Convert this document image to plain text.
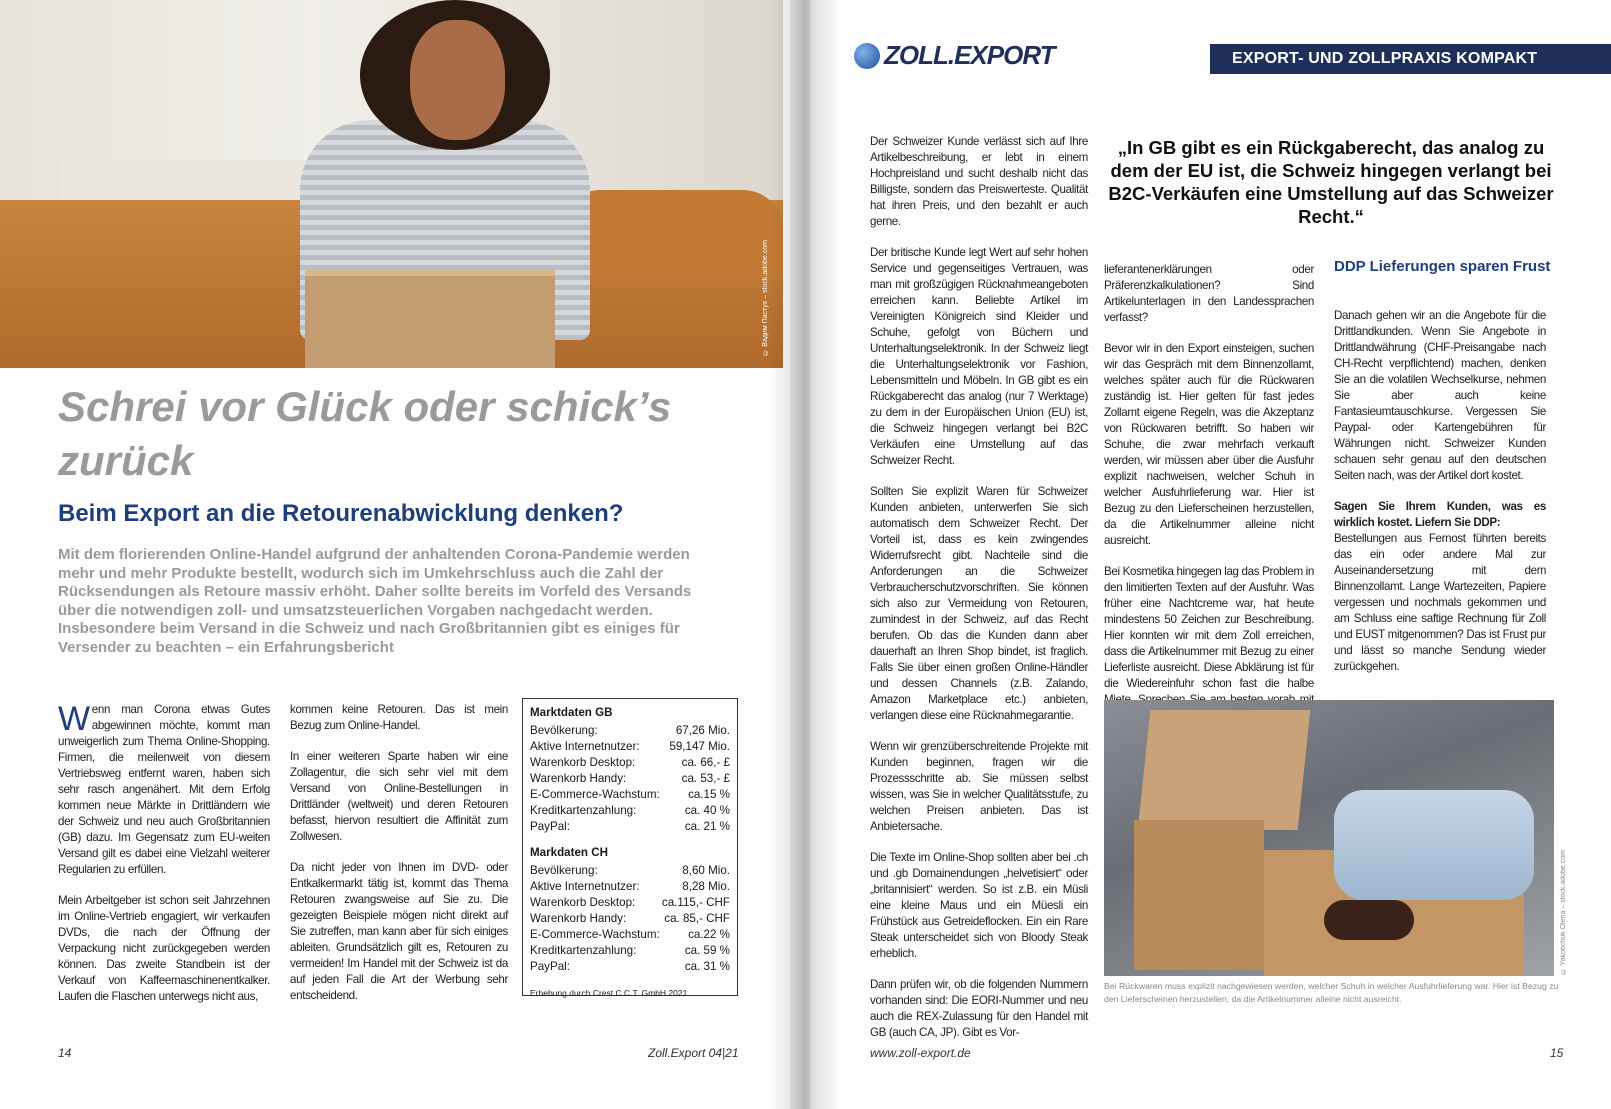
© Вадим Пастух – stock.adobe.com
Schrei vor Glück oder schick’s zurück
Beim Export an die Retourenabwicklung denken?

Mit dem florierenden Online-Handel aufgrund der anhaltenden Corona-Pandemie werden mehr und mehr Produkte bestellt, wodurch sich im Umkehrschluss auch die Zahl der Rücksendungen als Retoure massiv erhöht. Daher sollte bereits im Vorfeld des Versands über die notwendigen zoll- und umsatzsteuerlichen Vorgaben nachgedacht werden. Insbesondere beim Versand in die Schweiz und nach Großbritannien gibt es einiges für Versender zu beachten – ein Erfahrungsbericht

Wenn man Corona etwas Gutes abgewinnen möchte, kommt man unweigerlich zum Thema Online-Shopping. Firmen, die meilenweit von diesem Vertriebsweg entfernt waren, haben sich sehr rasch angenähert. Mit dem Erfolg kommen neue Märkte in Drittländern wie der Schweiz und neu auch Großbritannien (GB) dazu. Im Gegensatz zum EU-weiten Versand gilt es dabei eine Vielzahl weiterer Regularien zu erfüllen.

Mein Arbeitgeber ist schon seit Jahrzehnen im Online-Vertrieb engagiert, wir verkaufen DVDs, die nach der Öffnung der Verpackung nicht zurückgegeben werden können. Das zweite Standbein ist der Verkauf von Kaffeemaschinenentkalker. Laufen die Flaschen unterwegs nicht aus,

kommen keine Retouren. Das ist mein Bezug zum Online-Handel.

In einer weiteren Sparte haben wir eine Zollagentur, die sich sehr viel mit dem Versand von Online-Bestellungen in Drittländer (weltweit) und deren Retouren befasst, hiervon resultiert die Affinität zum Zollwesen.

Da nicht jeder von Ihnen im DVD- oder Entkalkermarkt tätig ist, kommt das Thema Retouren zwangsweise auf Sie zu. Die gezeigten Beispiele mögen nicht direkt auf Sie zutreffen, man kann aber für sich einiges ableiten. Grundsätzlich gilt es, Retouren zu vermeiden! Im Handel mit der Schweiz ist da auf jeden Fall die Art der Werbung sehr entscheidend.

Marktdaten GB
Bevölkerung:	67,26 Mio.
Aktive Internetnutzer:	59,147 Mio.
Warenkorb Desktop:	ca. 66,- £
Warenkorb Handy:	ca. 53,- £
E-Commerce-Wachstum: ca.15 %
Kreditkartenzahlung:	ca. 40 %
PayPal:	ca. 21 %
Markdaten CH
Bevölkerung:	8,60 Mio.
Aktive Internetnutzer:	8,28 Mio.
Warenkorb Desktop: ca.115,- CHF
Warenkorb Handy:	ca. 85,- CHF
E-Commerce-Wachstum: ca.22 %
Kreditkartenzahlung:	ca. 59 %
PayPal:	ca. 31 %
Erhebung durch Crest C.C.T. GmbH 2021
14	Zoll.Export 04|21
ZOLL.EXPORT	EXPORT- UND ZOLLPRAXIS KOMPAKT

Der Schweizer Kunde verlässt sich auf Ihre Artikelbeschreibung, er lebt in einem Hochpreisland und sucht deshalb nicht das Billigste, sondern das Preiswerteste. Qualität hat ihren Preis, und den bezahlt er auch gerne.

Der britische Kunde legt Wert auf sehr hohen Service und gegenseitiges Vertrauen, was man mit großzügigen Rücknahmeangeboten erreichen kann. Beliebte Artikel im Vereinigten Königreich sind Kleider und Schuhe, gefolgt von Büchern und Unterhaltungselektronik. In der Schweiz liegt die Unterhaltungselektronik vor Fashion, Lebensmitteln und Möbeln. In GB gibt es ein Rückgaberecht das analog (nur 7 Werktage) zu dem in der Europäischen Union (EU) ist, die Schweiz hingegen verlangt bei B2C Verkäufen eine Umstellung auf das Schweizer Recht.

Sollten Sie explizit Waren für Schweizer Kunden anbieten, unterwerfen Sie sich automatisch dem Schweizer Recht. Der Vorteil ist, dass es kein zwingendes Widerrufsrecht gibt. Nachteile sind die Anforderungen an die Schweizer Verbraucherschutzvorschriften. Sie können sich also zur Vermeidung von Retouren, zumindest in der Schweiz, auf das Recht berufen. Ob das die Kunden dann aber dauerhaft an Ihren Shop bindet, ist fraglich. Falls Sie über einen großen Online-Händler und dessen Channels (z.B. Zalando, Amazon Marketplace etc.) anbieten, verlangen diese eine Rücknahmegarantie.

Wenn wir grenzüberschreitende Projekte mit Kunden beginnen, fragen wir die Prozessschritte ab. Sie müssen selbst wissen, was Sie in welcher Qualitätsstufe, zu welchen Preisen anbieten. Das ist Anbietersache.

Die Texte im Online-Shop sollten aber bei .ch und .gb Domainendungen „helvetisiert“ oder „britannisiert“ werden. So ist z.B. ein Müsli eine kleine Maus und ein Müesli ein Frühstück aus Getreideflocken. Ein ein Rare Steak unterscheidet sich von Bloody Steak erheblich.

Dann prüfen wir, ob die folgenden Nummern vorhanden sind: Die EORI-Nummer und neu auch die REX-Zulassung für den Handel mit GB (auch CA, JP). Gibt es Vor-

„In GB gibt es ein Rückgaberecht, das analog zu dem der EU ist, die Schweiz hingegen verlangt bei B2C-Verkäufen eine Umstellung auf das Schweizer Recht.“

lieferantenerklärungen oder Präferenzkalkulationen? Sind Artikelunterlagen in den Landessprachen verfasst?

Bevor wir in den Export einsteigen, suchen wir das Gespräch mit dem Binnenzollamt, welches später auch für die Rückwaren zuständig ist. Hier gelten für fast jedes Zollamt eigene Regeln, was die Akzeptanz von Rückwaren betrifft. So haben wir Schuhe, die zwar mehrfach verkauft werden, wir müssen aber über die Ausfuhr explizit nachweisen, welcher Schuh in welcher Ausfuhrlieferung war. Hier ist Bezug zu den Lieferscheinen herzustellen, da die Artikelnummer alleine nicht ausreicht.

Bei Kosmetika hingegen lag das Problem in den limitierten Texten auf der Ausfuhr. Was früher eine Nachtcreme war, hat heute mindestens 50 Zeichen zur Beschreibung. Hier konnten wir mit dem Zoll erreichen, dass die Artikelnummer mit Bezug zu einer Lieferliste ausreicht. Diese Abklärung ist für die Wiedereinfuhr schon fast die halbe

DDP Lieferungen sparen Frust

Danach gehen wir an die Angebote für die Drittlandkunden. Wenn Sie Angebote in Drittlandwährung (CHF-Preisangabe nach CH-Recht verpflichtend) machen, denken Sie an die volatilen Wechselkurse, nehmen Sie aber auch keine Fantasieumtauschkurse. Vergessen Sie Paypal- oder Kartengebühren für Währungen nicht. Schweizer Kunden schauen sehr genau auf den deutschen Seiten nach, was der Artikel dort kostet.

Sagen Sie Ihrem Kunden, was es wirklich kostet. Liefern Sie DDP:
Bestellungen aus Fernost führten bereits das ein oder andere Mal zur Auseinandersetzung mit dem Binnenzollamt. Lange Wartezeiten, Papiere vergessen und nochmals gekommen und am Schluss eine saftige Rechnung für Zoll und EUST mitgenommen? Das ist Frust pur und lässt so manche Sendung wieder zurückgehen.

© Yakobchuk Olena – stock.adobe.com

Bei Rückwaren muss explizit nachgewiesen werden, welcher Schuh in welcher Ausfuhrlieferung war. Hier ist Bezug zu den Lieferscheinen herzustellen, da die Artikelnummer alleine nicht ausreicht.

www.zoll-export.de	15
